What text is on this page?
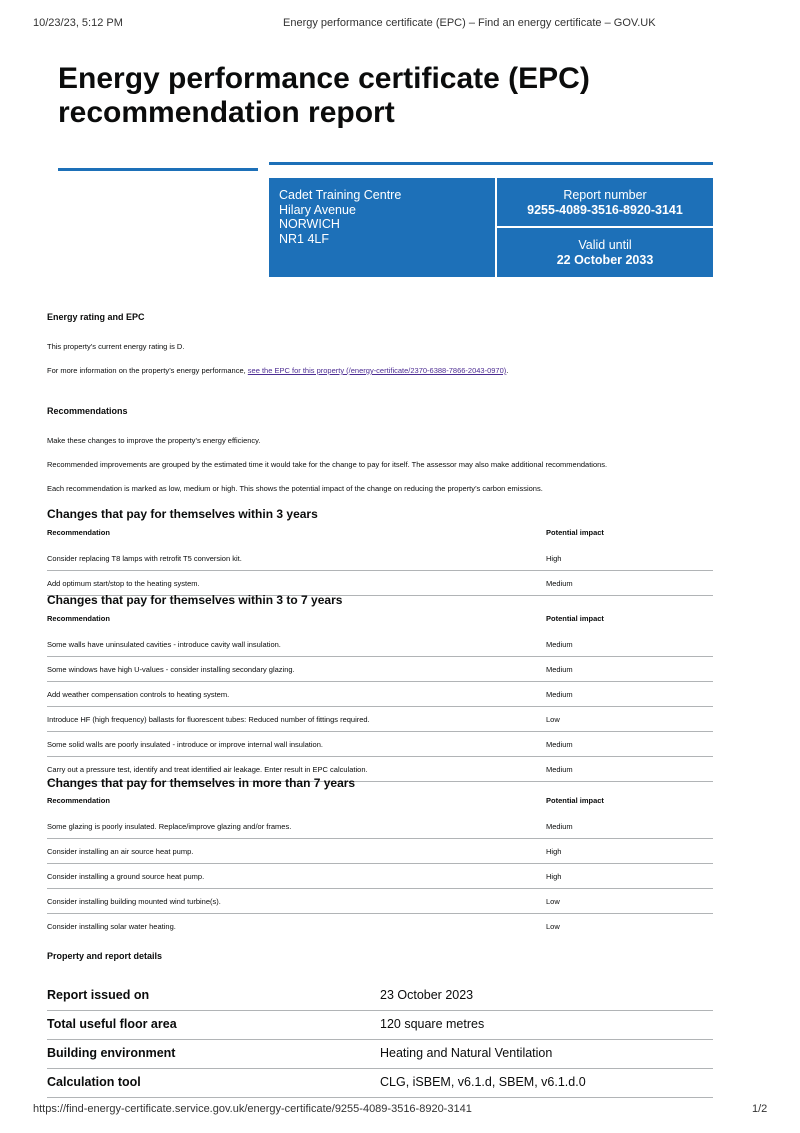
10/23/23, 5:12 PM	Energy performance certificate (EPC) – Find an energy certificate – GOV.UK
Energy performance certificate (EPC) recommendation report
Cadet Training Centre
Hilary Avenue
NORWICH
NR1 4LF
Report number
9255-4089-3516-8920-3141
Valid until
22 October 2033
Energy rating and EPC
This property’s current energy rating is D.
For more information on the property’s energy performance, see the EPC for this property (/energy-certificate/2370-6388-7866-2043-0970).
Recommendations
Make these changes to improve the property’s energy efficiency.
Recommended improvements are grouped by the estimated time it would take for the change to pay for itself. The assessor may also make additional recommendations.
Each recommendation is marked as low, medium or high. This shows the potential impact of the change on reducing the property’s carbon emissions.
Changes that pay for themselves within 3 years
Recommendation	Potential impact
Consider replacing T8 lamps with retrofit T5 conversion kit.	High
Add optimum start/stop to the heating system.	Medium
Changes that pay for themselves within 3 to 7 years
Recommendation	Potential impact
Some walls have uninsulated cavities - introduce cavity wall insulation.	Medium
Some windows have high U-values - consider installing secondary glazing.	Medium
Add weather compensation controls to heating system.	Medium
Introduce HF (high frequency) ballasts for fluorescent tubes: Reduced number of fittings required.	Low
Some solid walls are poorly insulated - introduce or improve internal wall insulation.	Medium
Carry out a pressure test, identify and treat identified air leakage. Enter result in EPC calculation.	Medium
Changes that pay for themselves in more than 7 years
Recommendation	Potential impact
Some glazing is poorly insulated. Replace/improve glazing and/or frames.	Medium
Consider installing an air source heat pump.	High
Consider installing a ground source heat pump.	High
Consider installing building mounted wind turbine(s).	Low
Consider installing solar water heating.	Low
Property and report details
Report issued on	23 October 2023
Total useful floor area	120 square metres
Building environment	Heating and Natural Ventilation
Calculation tool	CLG, iSBEM, v6.1.d, SBEM, v6.1.d.0
https://find-energy-certificate.service.gov.uk/energy-certificate/9255-4089-3516-8920-3141	1/2
